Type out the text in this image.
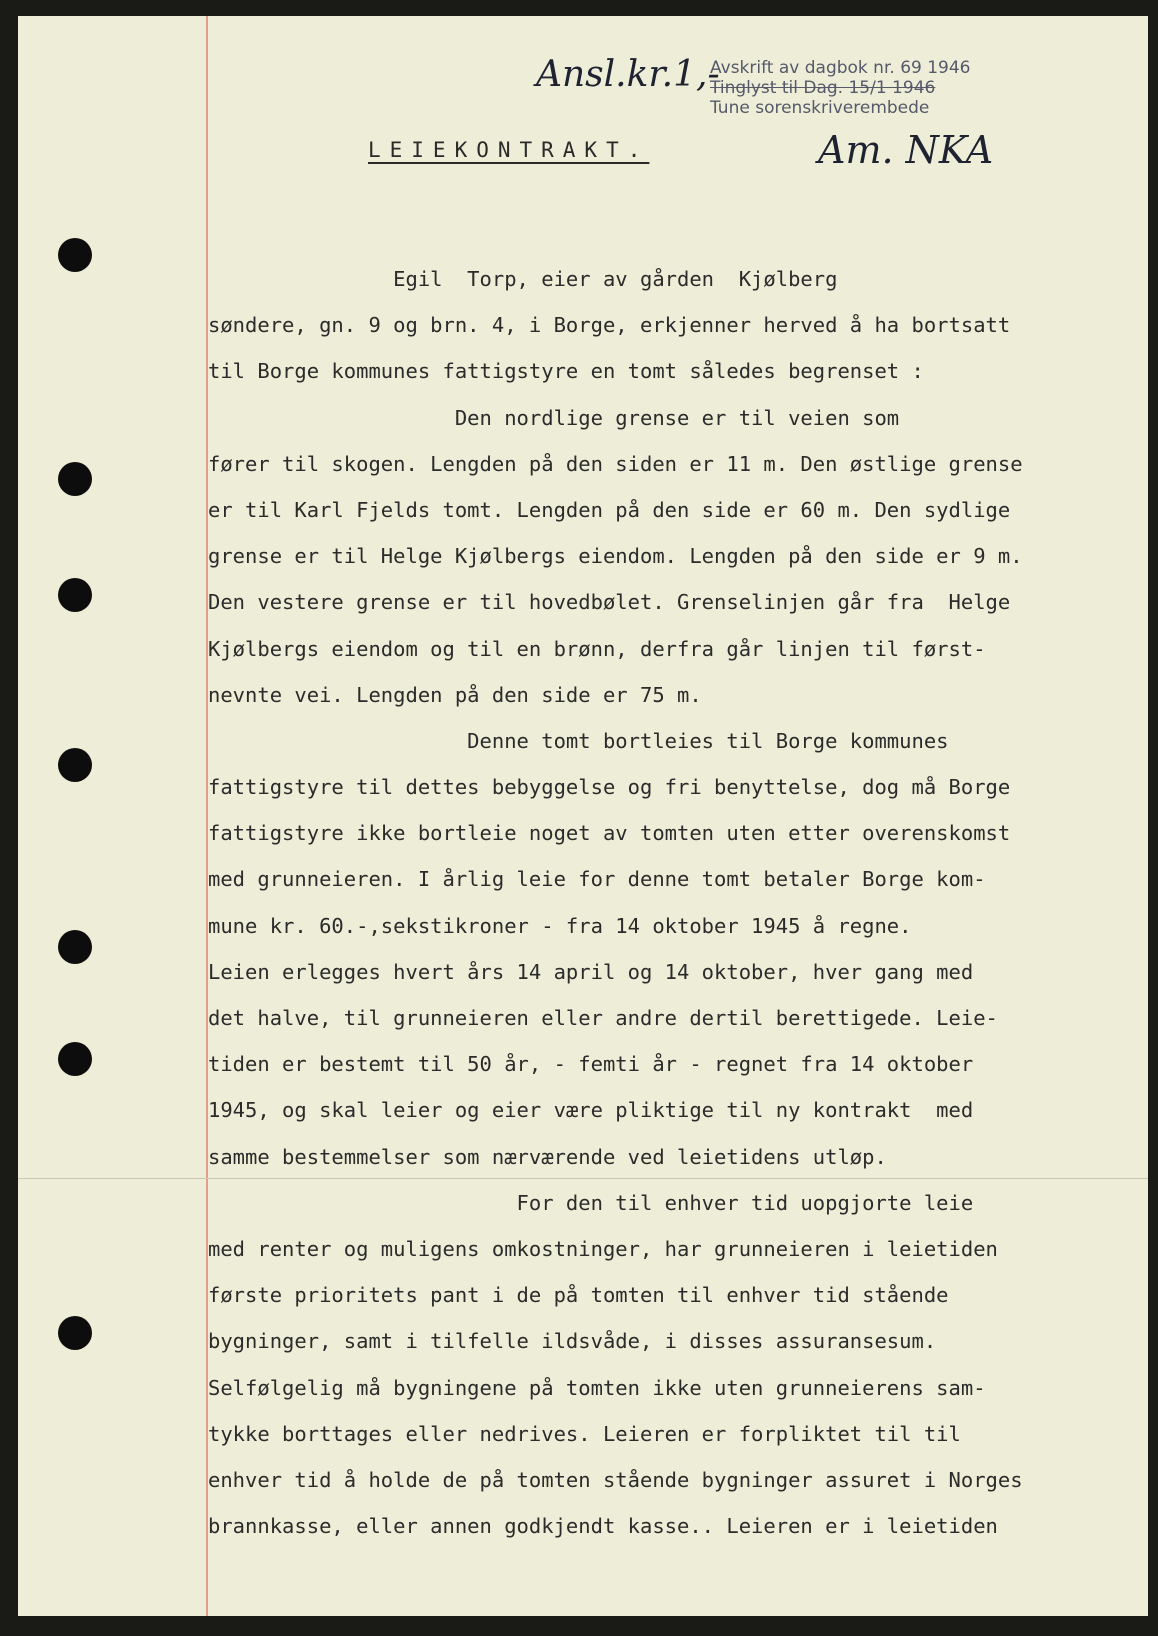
Ansl.kr.1,-
Avskrift av dagbok nr. 69 1946
Tinglyst til Dag. 15/1 1946
Tune sorenskriverembede
Am. NKA
LEIEKONTRAKT.
Egil  Torp, eier av gården  Kjølberg
søndere, gn. 9 og brn. 4, i Borge, erkjenner herved å ha bortsatt
til Borge kommunes fattigstyre en tomt således begrenset :
Den nordlige grense er til veien som
fører til skogen. Lengden på den siden er 11 m. Den østlige grense
er til Karl Fjelds tomt. Lengden på den side er 60 m. Den sydlige
grense er til Helge Kjølbergs eiendom. Lengden på den side er 9 m.
Den vestere grense er til hovedbølet. Grenselinjen går fra  Helge
Kjølbergs eiendom og til en brønn, derfra går linjen til først-
nevnte vei. Lengden på den side er 75 m.
Denne tomt bortleies til Borge kommunes
fattigstyre til dettes bebyggelse og fri benyttelse, dog må Borge
fattigstyre ikke bortleie noget av tomten uten etter overenskomst
med grunneieren. I årlig leie for denne tomt betaler Borge kom-
mune kr. 60.-,sekstikroner - fra 14 oktober 1945 å regne.
Leien erlegges hvert års 14 april og 14 oktober, hver gang med
det halve, til grunneieren eller andre dertil berettigede. Leie-
tiden er bestemt til 50 år, - femti år - regnet fra 14 oktober
1945, og skal leier og eier være pliktige til ny kontrakt  med
samme bestemmelser som nærværende ved leietidens utløp.
For den til enhver tid uopgjorte leie
med renter og muligens omkostninger, har grunneieren i leietiden
første prioritets pant i de på tomten til enhver tid stående
bygninger, samt i tilfelle ildsvåde, i disses assuransesum.
Selfølgelig må bygningene på tomten ikke uten grunneierens sam-
tykke borttages eller nedrives. Leieren er forpliktet til til
enhver tid å holde de på tomten stående bygninger assuret i Norges
brannkasse, eller annen godkjendt kasse.. Leieren er i leietiden
